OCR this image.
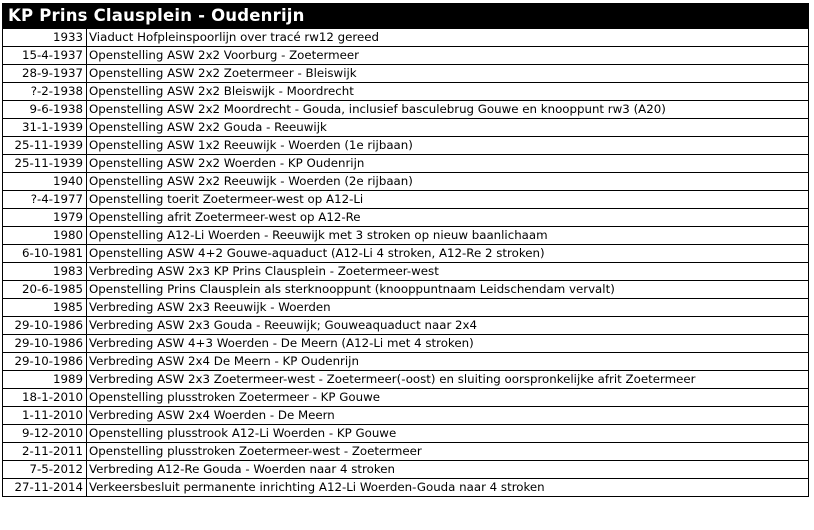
KP Prins Clausplein - Oudenrijn
1933	Viaduct Hofpleinspoorlijn over tracé rw12 gereed
15-4-1937	Openstelling ASW 2x2 Voorburg - Zoetermeer
28-9-1937	Openstelling ASW 2x2 Zoetermeer - Bleiswijk
?-2-1938	Openstelling ASW 2x2 Bleiswijk - Moordrecht
9-6-1938	Openstelling ASW 2x2 Moordrecht - Gouda, inclusief basculebrug Gouwe en knooppunt rw3 (A20)
31-1-1939	Openstelling ASW 2x2 Gouda - Reeuwijk
25-11-1939	Openstelling ASW 1x2 Reeuwijk - Woerden (1e rijbaan)
25-11-1939	Openstelling ASW 2x2 Woerden - KP Oudenrijn
1940	Openstelling ASW 2x2 Reeuwijk - Woerden (2e rijbaan)
?-4-1977	Openstelling toerit Zoetermeer-west op A12-Li
1979	Openstelling afrit Zoetermeer-west op A12-Re
1980	Openstelling A12-Li Woerden - Reeuwijk met 3 stroken op nieuw baanlichaam
6-10-1981	Openstelling ASW 4+2 Gouwe-aquaduct (A12-Li 4 stroken, A12-Re 2 stroken)
1983	Verbreding ASW 2x3 KP Prins Clausplein - Zoetermeer-west
20-6-1985	Openstelling Prins Clausplein als sterknooppunt (knooppuntnaam Leidschendam vervalt)
1985	Verbreding ASW 2x3 Reeuwijk - Woerden
29-10-1986	Verbreding ASW 2x3 Gouda - Reeuwijk; Gouweaquaduct naar 2x4
29-10-1986	Verbreding ASW 4+3 Woerden - De Meern (A12-Li met 4 stroken)
29-10-1986	Verbreding ASW 2x4 De Meern - KP Oudenrijn
1989	Verbreding ASW 2x3 Zoetermeer-west - Zoetermeer(-oost) en sluiting oorspronkelijke afrit Zoetermeer
18-1-2010	Openstelling plusstroken Zoetermeer - KP Gouwe
1-11-2010	Verbreding ASW 2x4 Woerden - De Meern
9-12-2010	Openstelling plusstrook A12-Li Woerden - KP Gouwe
2-11-2011	Openstelling plusstroken Zoetermeer-west - Zoetermeer
7-5-2012	Verbreding A12-Re Gouda - Woerden naar 4 stroken
27-11-2014	Verkeersbesluit permanente inrichting A12-Li Woerden-Gouda naar 4 stroken
